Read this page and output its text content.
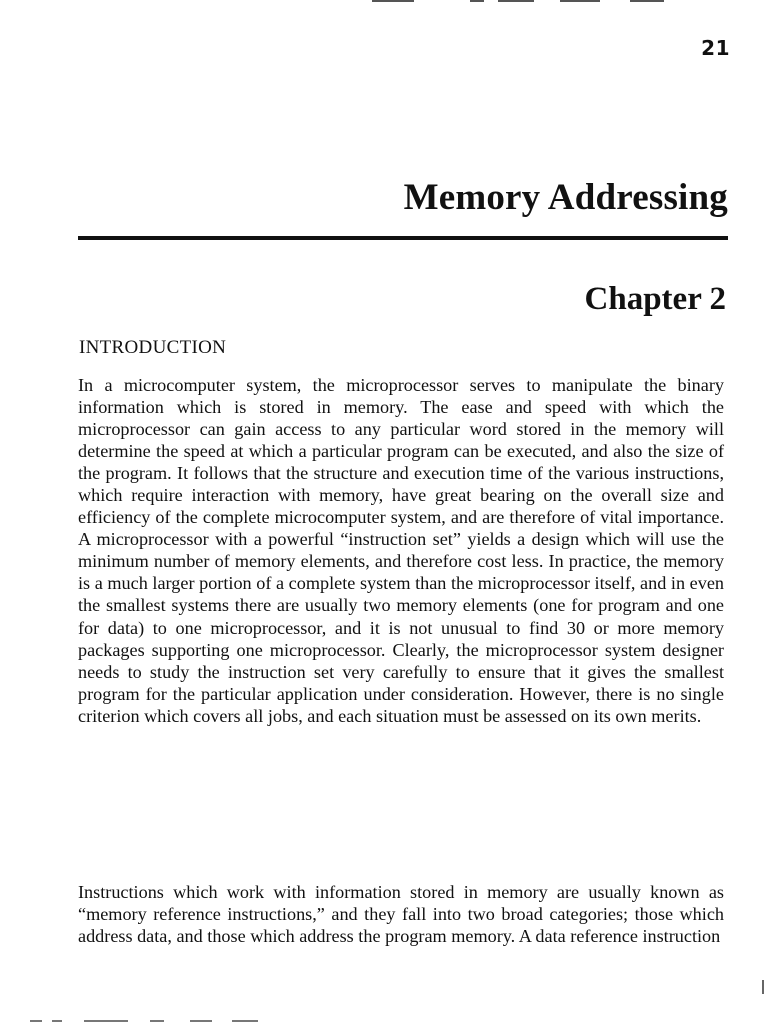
21
Memory Addressing
Chapter 2
INTRODUCTION

In a microcomputer system, the microprocessor serves to manipulate the binary information which is stored in memory. The ease and speed with which the microprocessor can gain access to any particular word stored in the memory will determine the speed at which a particular program can be executed, and also the size of the program. It follows that the structure and execution time of the various instructions, which require interaction with memory, have great bearing on the overall size and efficiency of the complete microcomputer system, and are therefore of vital importance. A microprocessor with a powerful “instruction set” yields a design which will use the minimum number of memory elements, and therefore cost less. In practice, the memory is a much larger portion of a complete system than the microprocessor itself, and in even the smallest systems there are usually two memory elements (one for program and one for data) to one microprocessor, and it is not unusual to find 30 or more memory packages supporting one microprocessor. Clearly, the microprocessor system designer needs to study the instruction set very carefully to ensure that it gives the smallest program for the particular application under consideration. However, there is no single criterion which covers all jobs, and each situation must be assessed on its own merits.

Instructions which work with information stored in memory are usually known as “memory reference instructions,” and they fall into two broad categories; those which address data, and those which address the program memory. A data reference instruction
